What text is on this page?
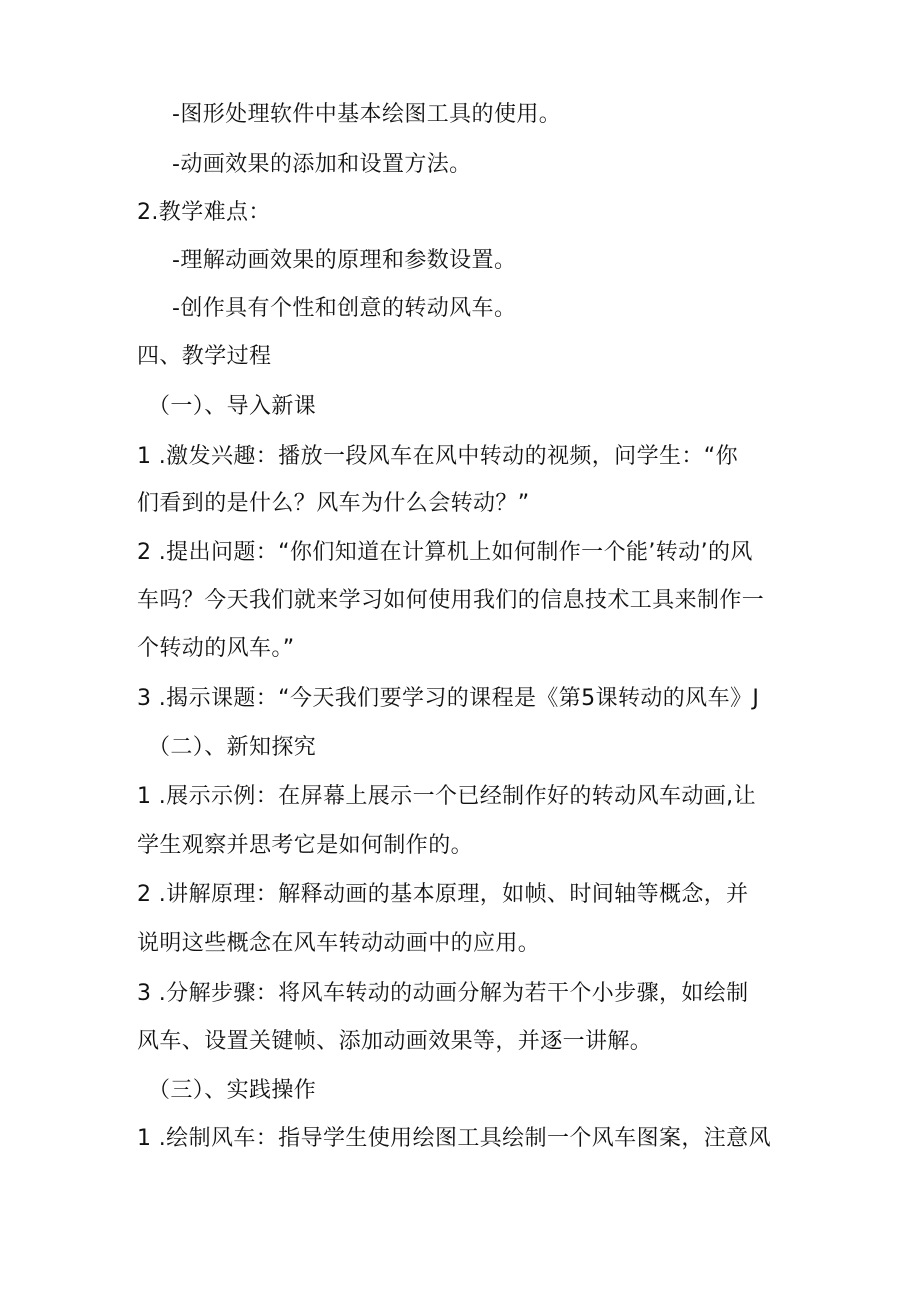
-图形处理软件中基本绘图工具的使用。
-动画效果的添加和设置方法。
2.教学难点：
-理解动画效果的原理和参数设置。
-创作具有个性和创意的转动风车。
四、教学过程
（一）、导入新课
1 .激发兴趣：播放一段风车在风中转动的视频，问学生：“你
们看到的是什么？风车为什么会转动？”
2 .提出问题：“你们知道在计算机上如何制作一个能’转动’的风
车吗？今天我们就来学习如何使用我们的信息技术工具来制作一
个转动的风车。”
3 .揭示课题：“今天我们要学习的课程是《第5课转动的风车》J
（二）、新知探究
1 .展示示例：在屏幕上展示一个已经制作好的转动风车动画,让
学生观察并思考它是如何制作的。
2 .讲解原理：解释动画的基本原理，如帧、时间轴等概念，并
说明这些概念在风车转动动画中的应用。
3 .分解步骤：将风车转动的动画分解为若干个小步骤，如绘制
风车、设置关键帧、添加动画效果等，并逐一讲解。
（三）、实践操作
1 .绘制风车：指导学生使用绘图工具绘制一个风车图案，注意风
